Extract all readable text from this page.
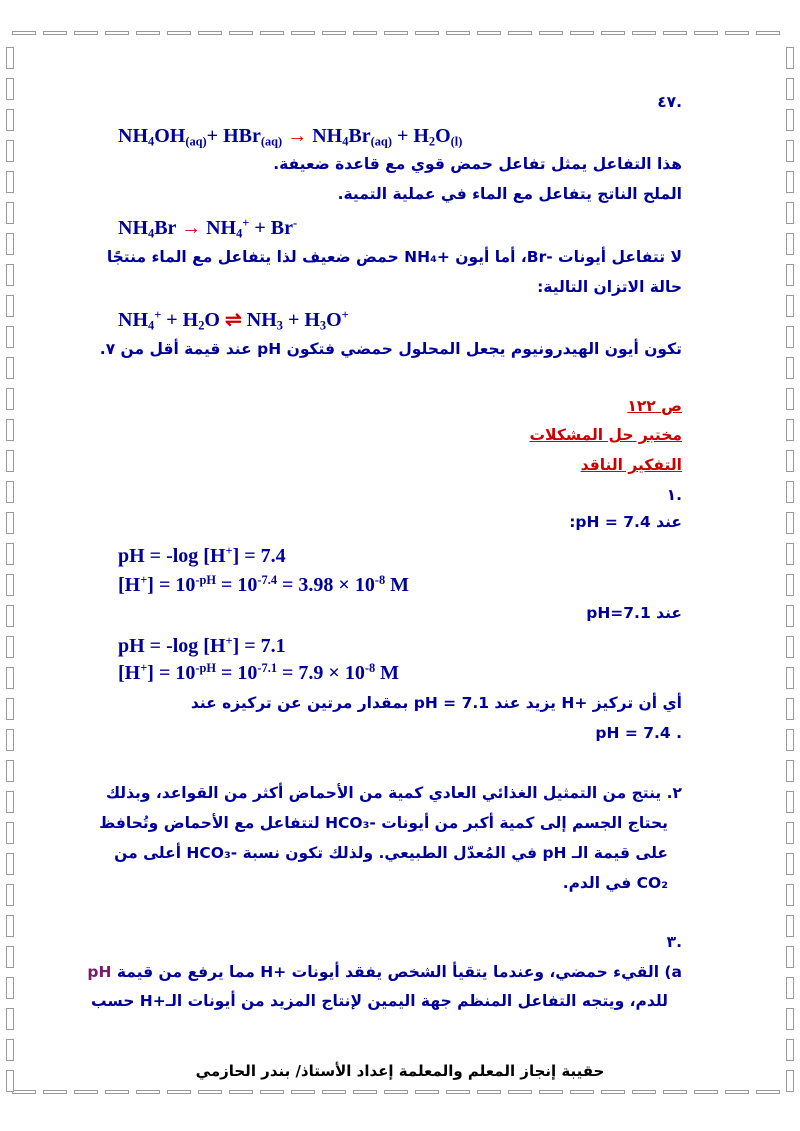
.٤٧
$NH_4OH_{(aq)}+ HBr_{(aq)} \to NH_4Br_{(aq)} + H_2O_{(l)}$
هذا التفاعل يمثل تفاعل حمض قوي مع قاعدة ضعيفة.
الملح الناتج يتفاعل مع الماء في عملية التمية.
$NH_4Br \to NH_4^+ + Br^-$
لا تتفاعل أيونات -Br، أما أيون +NH₄ حمض ضعيف لذا يتفاعل مع الماء منتجًا
حالة الاتزان التالية:
$NH_4^+ + H_2O$ ⇌ $NH_3 + H_3O^+$
تكون أيون الهيدرونيوم يجعل المحلول حمضي فتكون pH عند قيمة أقل من ٧.
ص ١٢٢
مختبر حل المشكلات
التفكير الناقد
.١
عند pH = 7.4:
pH = -log [H+] = 7.4
$[H^+] = 10^{-pH} = 10^{-7.4} = 3.98 \times 10^{-8}$ M
عند pH=7.1
pH = -log [H+] = 7.1
$[H^+] = 10^{-pH} = 10^{-7.1} = 7.9 \times 10^{-8}$ M
أي أن تركيز +H يزيد عند pH = 7.1 بمقدار مرتين عن تركيزه عند
. pH = 7.4
٢. ينتج من التمثيل الغذائي العادي كمية من الأحماض أكثر من القواعد، وبذلك
يحتاج الجسم إلى كمية أكبر من أيونات -HCO₃ لتتفاعل مع الأحماض وتُحافظ
على قيمة الـ pH في المُعدّل الطبيعي. ولذلك تكون نسبة -HCO₃ أعلى من
CO₂ في الدم.
.٣
a) القيء حمضي، وعندما يتقيأ الشخص يفقد أيونات +H مما يرفع من قيمة pH
للدم، ويتجه التفاعل المنظم جهة اليمين لإنتاج المزيد من أيونات الـ+H حسب
حقيبة إنجاز المعلم والمعلمة إعداد الأستاذ/ بندر الحازمي
